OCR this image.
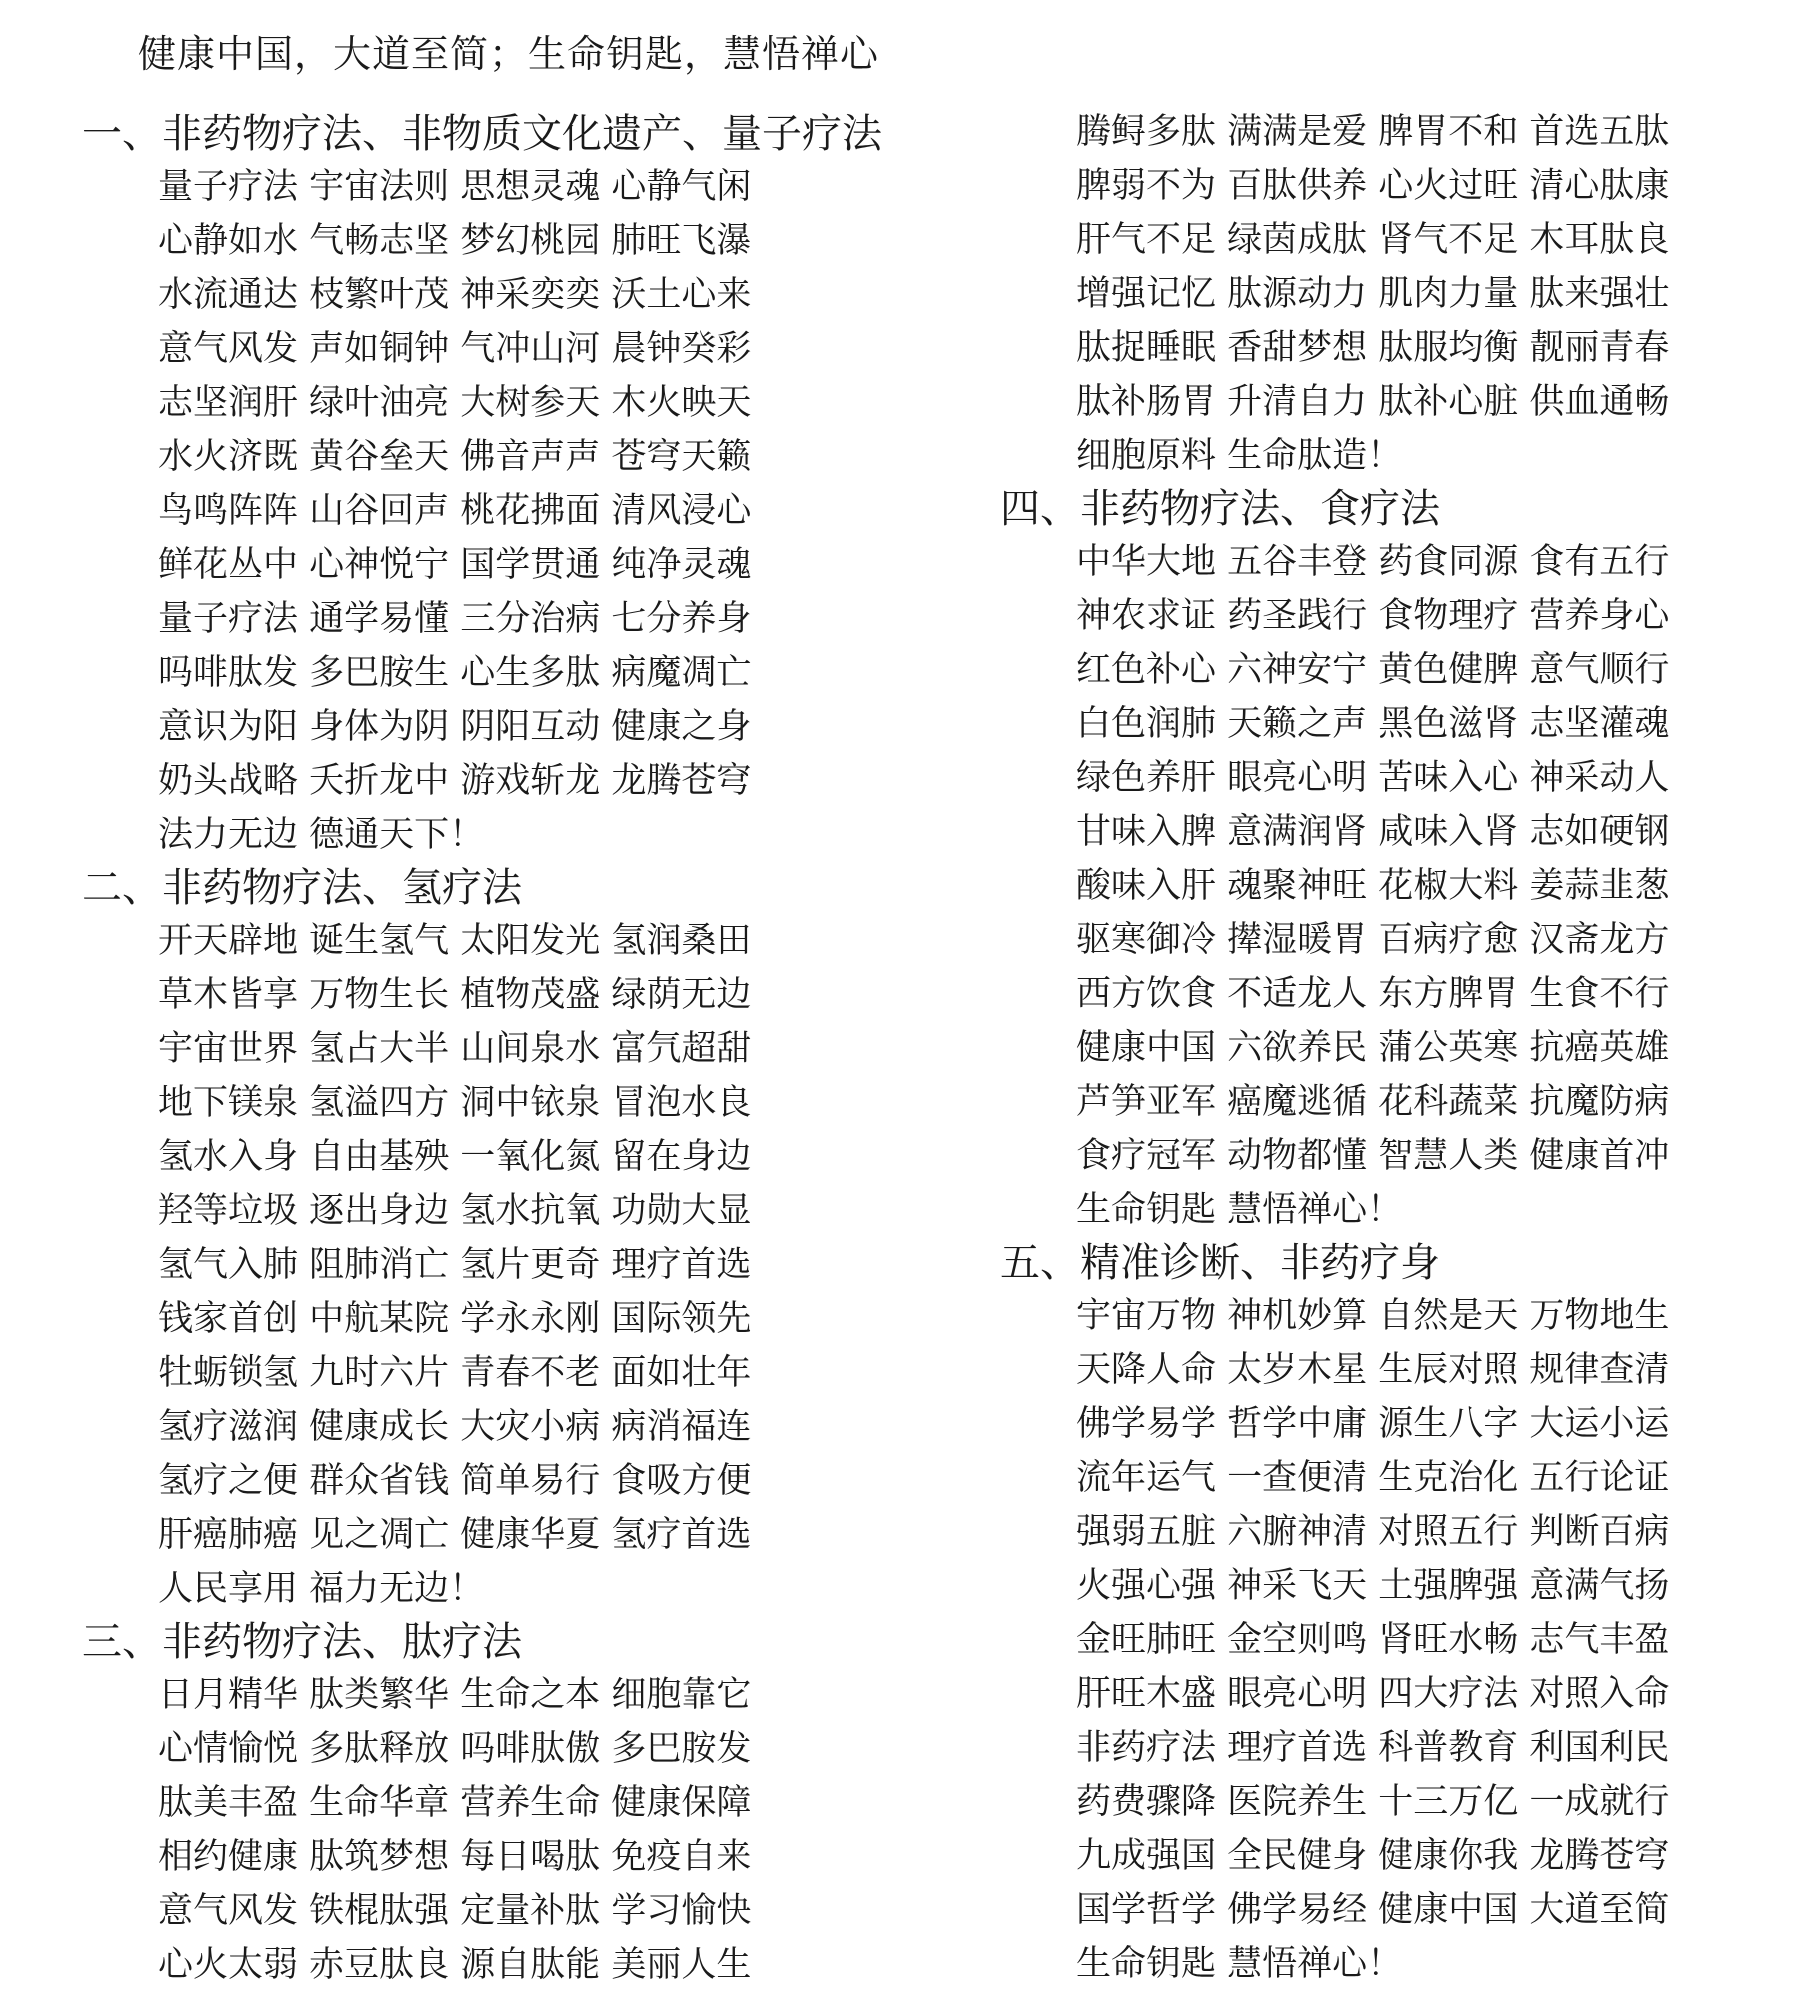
健康中国，大道至简；生命钥匙，慧悟禅心
一、非药物疗法、非物质文化遗产、量子疗法
量子疗法 宇宙法则 思想灵魂 心静气闲
心静如水 气畅志坚 梦幻桃园 肺旺飞瀑
水流通达 枝繁叶茂 神采奕奕 沃土心来
意气风发 声如铜钟 气冲山河 晨钟癸彩
志坚润肝 绿叶油亮 大树参天 木火映天
水火济既 黄谷垒天 佛音声声 苍穹天籁
鸟鸣阵阵 山谷回声 桃花拂面 清风浸心
鲜花丛中 心神悦宁 国学贯通 纯净灵魂
量子疗法 通学易懂 三分治病 七分养身
吗啡肽发 多巴胺生 心生多肽 病魔凋亡
意识为阳 身体为阴 阴阳互动 健康之身
奶头战略 夭折龙中 游戏斩龙 龙腾苍穹
法力无边 德通天下！
二、非药物疗法、氢疗法
开天辟地 诞生氢气 太阳发光 氢润桑田
草木皆享 万物生长 植物茂盛 绿荫无边
宇宙世界 氢占大半 山间泉水 富氕超甜
地下镁泉 氢溢四方 洞中铱泉 冒泡水良
氢水入身 自由基殃 一氧化氮 留在身边
羟等垃圾 逐出身边 氢水抗氧 功勋大显
氢气入肺 阻肺消亡 氢片更奇 理疗首选
钱家首创 中航某院 学永永刚 国际领先
牡蛎锁氢 九时六片 青春不老 面如壮年
氢疗滋润 健康成长 大灾小病 病消福连
氢疗之便 群众省钱 简单易行 食吸方便
肝癌肺癌 见之凋亡 健康华夏 氢疗首选
人民享用 福力无边！
三、非药物疗法、肽疗法
日月精华 肽类繁华 生命之本 细胞靠它
心情愉悦 多肽释放 吗啡肽傲 多巴胺发
肽美丰盈 生命华章 营养生命 健康保障
相约健康 肽筑梦想 每日喝肽 免疫自来
意气风发 铁棍肽强 定量补肽 学习愉快
心火太弱 赤豆肽良 源自肽能 美丽人生
腾鲟多肽 满满是爱 脾胃不和 首选五肽
脾弱不为 百肽供养 心火过旺 清心肽康
肝气不足 绿茵成肽 肾气不足 木耳肽良
增强记忆 肽源动力 肌肉力量 肽来强壮
肽捉睡眠 香甜梦想 肽服均衡 靓丽青春
肽补肠胃 升清自力 肽补心脏 供血通畅
细胞原料 生命肽造！
四、非药物疗法、食疗法
中华大地 五谷丰登 药食同源 食有五行
神农求证 药圣践行 食物理疗 营养身心
红色补心 六神安宁 黄色健脾 意气顺行
白色润肺 天籁之声 黑色滋肾 志坚灌魂
绿色养肝 眼亮心明 苦味入心 神采动人
甘味入脾 意满润肾 咸味入肾 志如硬钢
酸味入肝 魂聚神旺 花椒大料 姜蒜韭葱
驱寒御冷 撵湿暖胃 百病疗愈 汉斋龙方
西方饮食 不适龙人 东方脾胃 生食不行
健康中国 六欲养民 蒲公英寒 抗癌英雄
芦笋亚军 癌魔逃循 花科蔬菜 抗魔防病
食疗冠军 动物都懂 智慧人类 健康首冲
生命钥匙 慧悟禅心！
五、精准诊断、非药疗身
宇宙万物 神机妙算 自然是天 万物地生
天降人命 太岁木星 生辰对照 规律查清
佛学易学 哲学中庸 源生八字 大运小运
流年运气 一查便清 生克治化 五行论证
强弱五脏 六腑神清 对照五行 判断百病
火强心强 神采飞天 土强脾强 意满气扬
金旺肺旺 金空则鸣 肾旺水畅 志气丰盈
肝旺木盛 眼亮心明 四大疗法 对照入命
非药疗法 理疗首选 科普教育 利国利民
药费骤降 医院养生 十三万亿 一成就行
九成强国 全民健身 健康你我 龙腾苍穹
国学哲学 佛学易经 健康中国 大道至简
生命钥匙 慧悟禅心！
